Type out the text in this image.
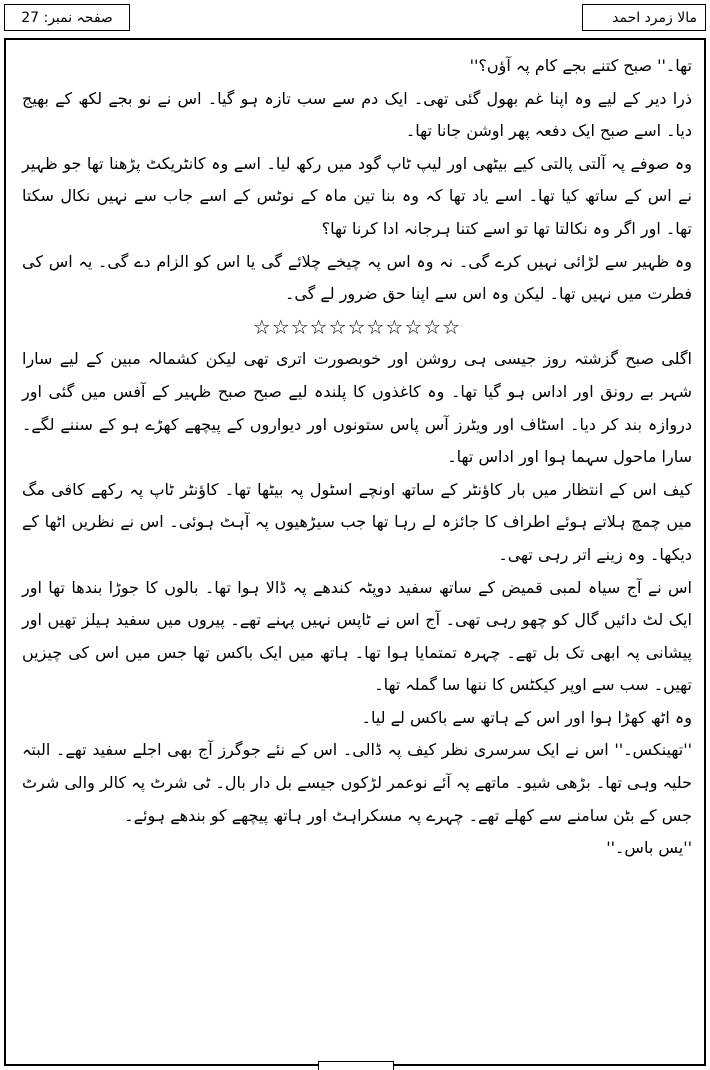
صفحہ نمبر: 27	مالا زمرد احمد

تھا۔'' صبح کتنے بجے کام پہ آؤں؟''

ذرا دیر کے لیے وہ اپنا غم بھول گئی تھی۔ ایک دم سے سب تازہ ہو گیا۔ اس نے نو بجے لکھ کے بھیج دیا۔ اسے صبح ایک دفعہ پھر اوشن جانا تھا۔

وہ صوفے پہ آلتی پالتی کیے بیٹھی اور لیپ ٹاپ گود میں رکھ لیا۔ اسے وہ کانٹریکٹ پڑھنا تھا جو ظہیر نے اس کے ساتھ کیا تھا۔ اسے یاد تھا کہ وہ بنا تین ماہ کے نوٹس کے اسے جاب سے نہیں نکال سکتا تھا۔ اور اگر وہ نکالتا تھا تو اسے کتنا ہرجانہ ادا کرنا تھا؟

وہ ظہیر سے لڑائی نہیں کرے گی۔ نہ وہ اس پہ چیخے چلائے گی یا اس کو الزام دے گی۔ یہ اس کی فطرت میں نہیں تھا۔ لیکن وہ اس سے اپنا حق ضرور لے گی۔

☆☆☆☆☆☆☆☆☆☆☆

اگلی صبح گزشتہ روز جیسی ہی روشن اور خوبصورت اتری تھی لیکن کشمالہ مبین کے لیے سارا شہر بے رونق اور اداس ہو گیا تھا۔ وہ کاغذوں کا پلندہ لیے صبح صبح ظہیر کے آفس میں گئی اور دروازہ بند کر دیا۔ اسٹاف اور ویٹرز آس پاس ستونوں اور دیواروں کے پیچھے کھڑے ہو کے سننے لگے۔ سارا ماحول سہما ہوا اور اداس تھا۔

کیف اس کے انتظار میں بار کاؤنٹر کے ساتھ اونچے اسٹول پہ بیٹھا تھا۔ کاؤنٹر ٹاپ پہ رکھے کافی مگ میں چمچ ہلاتے ہوئے اطراف کا جائزہ لے رہا تھا جب سیڑھیوں پہ آہٹ ہوئی۔ اس نے نظریں اٹھا کے دیکھا۔ وہ زینے اتر رہی تھی۔

اس نے آج سیاہ لمبی قمیض کے ساتھ سفید دوپٹہ کندھے پہ ڈالا ہوا تھا۔ بالوں کا جوڑا بندھا تھا اور ایک لٹ دائیں گال کو چھو رہی تھی۔ آج اس نے ٹاپس نہیں پہنے تھے۔ پیروں میں سفید ہیلز تھیں اور پیشانی پہ ابھی تک بل تھے۔ چہرہ تمتمایا ہوا تھا۔ ہاتھ میں ایک باکس تھا جس میں اس کی چیزیں تھیں۔ سب سے اوپر کیکٹس کا ننھا سا گملہ تھا۔

وہ اٹھ کھڑا ہوا اور اس کے ہاتھ سے باکس لے لیا۔

''تھینکس۔'' اس نے ایک سرسری نظر کیف پہ ڈالی۔ اس کے نئے جوگرز آج بھی اجلے سفید تھے۔ البتہ حلیہ وہی تھا۔ بڑھی شیو۔ ماتھے پہ آئے نوعمر لڑکوں جیسے بل دار بال۔ ٹی شرٹ پہ کالر والی شرٹ جس کے بٹن سامنے سے کھلے تھے۔ چہرے پہ مسکراہٹ اور ہاتھ پیچھے کو بندھے ہوئے۔

''یس باس۔''
